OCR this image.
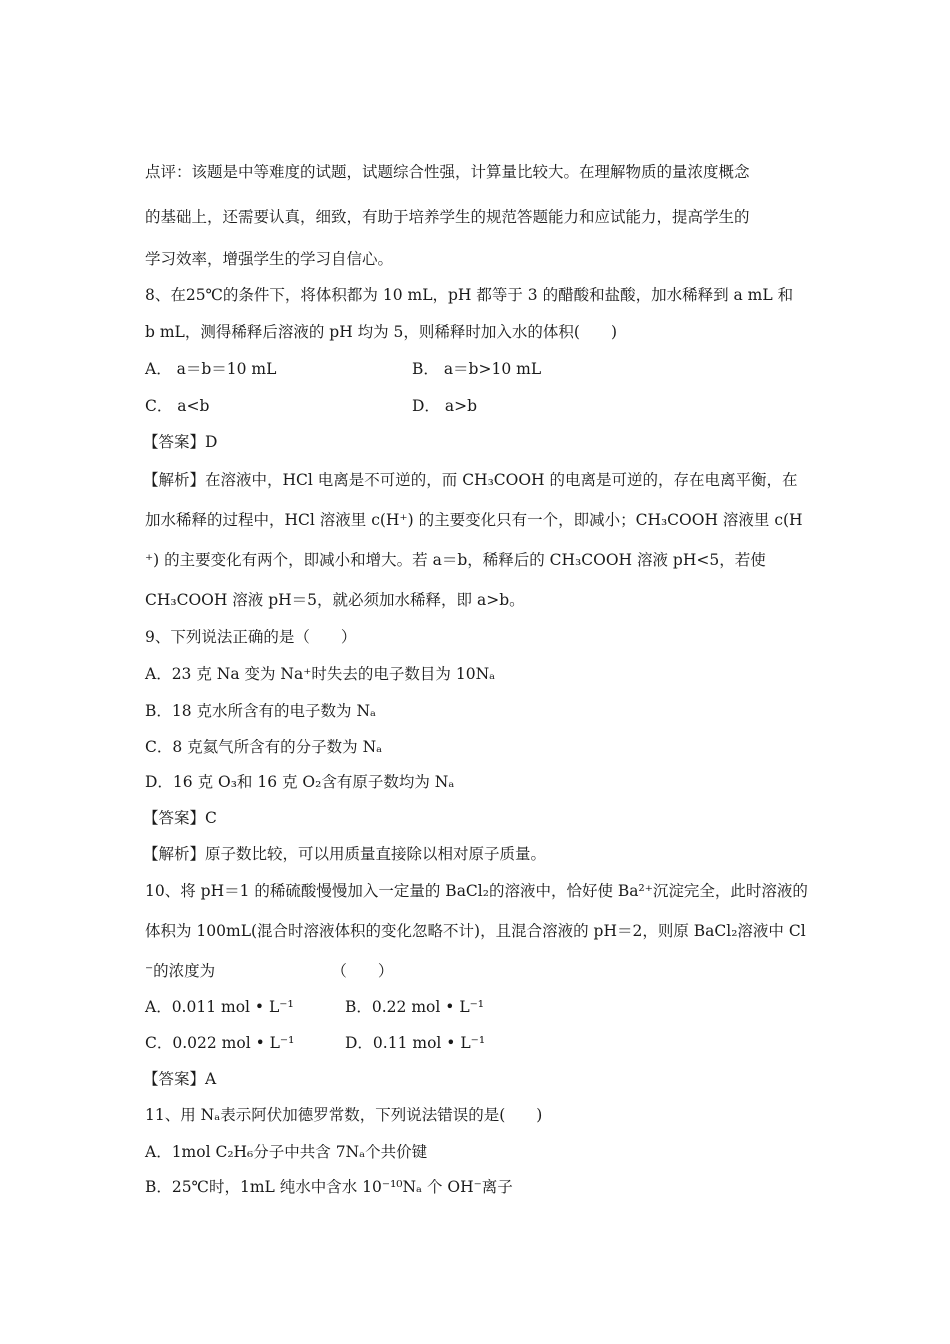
点评：该题是中等难度的试题，试题综合性强，计算量比较大。在理解物质的量浓度概念
的基础上，还需要认真，细致，有助于培养学生的规范答题能力和应试能力，提高学生的
学习效率，增强学生的学习自信心。
8、在25℃的条件下，将体积都为 10 mL，pH 都等于 3 的醋酸和盐酸，加水稀释到 a mL 和
b mL，测得稀释后溶液的 pH 均为 5，则稀释时加入水的体积(　　)
A． a＝b＝10 mL	B． a＝b>10 mL
C． a<b	D． a>b
【答案】D
【解析】在溶液中，HCl 电离是不可逆的，而 CH₃COOH 的电离是可逆的，存在电离平衡，在
加水稀释的过程中，HCl 溶液里 c(H⁺) 的主要变化只有一个，即减小；CH₃COOH 溶液里 c(H
⁺) 的主要变化有两个，即减小和增大。若 a＝b，稀释后的 CH₃COOH 溶液 pH<5，若使
CH₃COOH 溶液 pH＝5，就必须加水稀释，即 a>b。
9、下列说法正确的是（　　）
A．23 克 Na 变为 Na⁺时失去的电子数目为 10Nₐ
B．18 克水所含有的电子数为 Nₐ
C．8 克氦气所含有的分子数为 Nₐ
D．16 克 O₃和 16 克 O₂含有原子数均为 Nₐ
【答案】C
【解析】原子数比较，可以用质量直接除以相对原子质量。
10、将 pH＝1 的稀硫酸慢慢加入一定量的 BaCl₂的溶液中，恰好使 Ba²⁺沉淀完全，此时溶液的
体积为 100mL(混合时溶液体积的变化忽略不计)，且混合溶液的 pH＝2，则原 BaCl₂溶液中 Cl
⁻的浓度为　　　　　　　　（　　）
A．0.011 mol • L⁻¹	B．0.22 mol • L⁻¹
C．0.022 mol • L⁻¹	D．0.11 mol • L⁻¹
【答案】A
11、用 Nₐ表示阿伏加德罗常数，下列说法错误的是(　　)
A．1mol C₂H₆分子中共含 7Nₐ个共价键
B．25℃时，1mL 纯水中含水 10⁻¹⁰Nₐ 个 OH⁻离子
